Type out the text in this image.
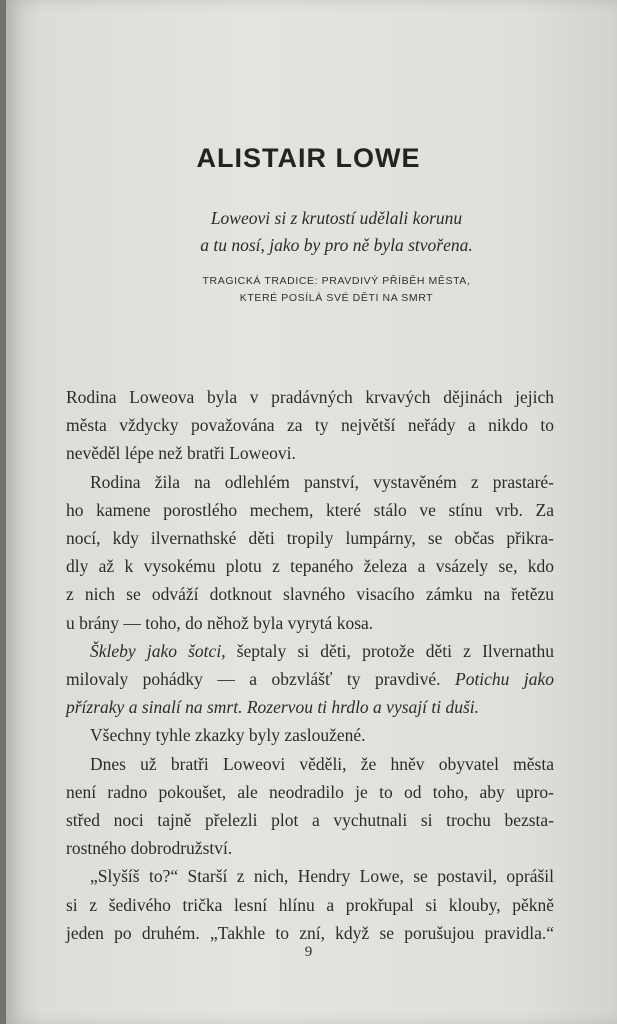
ALISTAIR LOWE
Loweovi si z krutostí udělali korunu
a tu nosí, jako by pro ně byla stvořena.
TRAGICKÁ TRADICE: PRAVDIVÝ PŘÍBĚH MĚSTA,
KTERÉ POSÍLÁ SVÉ DĚTI NA SMRT
Rodina Loweova byla v pradávných krvavých dějinách jejich
města vždycky považována za ty největší neřády a nikdo to
nevěděl lépe než bratři Loweovi.
Rodina žila na odlehlém panství, vystavěném z prastaré-
ho kamene porostlého mechem, které stálo ve stínu vrb. Za
nocí, kdy ilvernathské děti tropily lumpárny, se občas přikra-
dly až k vysokému plotu z tepaného železa a vsázely se, kdo
z nich se odváží dotknout slavného visacího zámku na řetězu
u brány — toho, do něhož byla vyrytá kosa.
Škleby jako šotci, šeptaly si děti, protože děti z Ilvernathu
milovaly pohádky — a obzvlášť ty pravdivé. Potichu jako
přízraky a sinalí na smrt. Rozervou ti hrdlo a vysají ti duši.
Všechny tyhle zkazky byly zasloužené.
Dnes už bratři Loweovi věděli, že hněv obyvatel města
není radno pokoušet, ale neodradilo je to od toho, aby upro-
střed noci tajně přelezli plot a vychutnali si trochu bezsta-
rostného dobrodružství.
„Slyšíš to?“ Starší z nich, Hendry Lowe, se postavil, oprášil
si z šedivého trička lesní hlínu a prokřupal si klouby, pěkně
jeden po druhém. „Takhle to zní, když se porušujou pravidla.“
9
